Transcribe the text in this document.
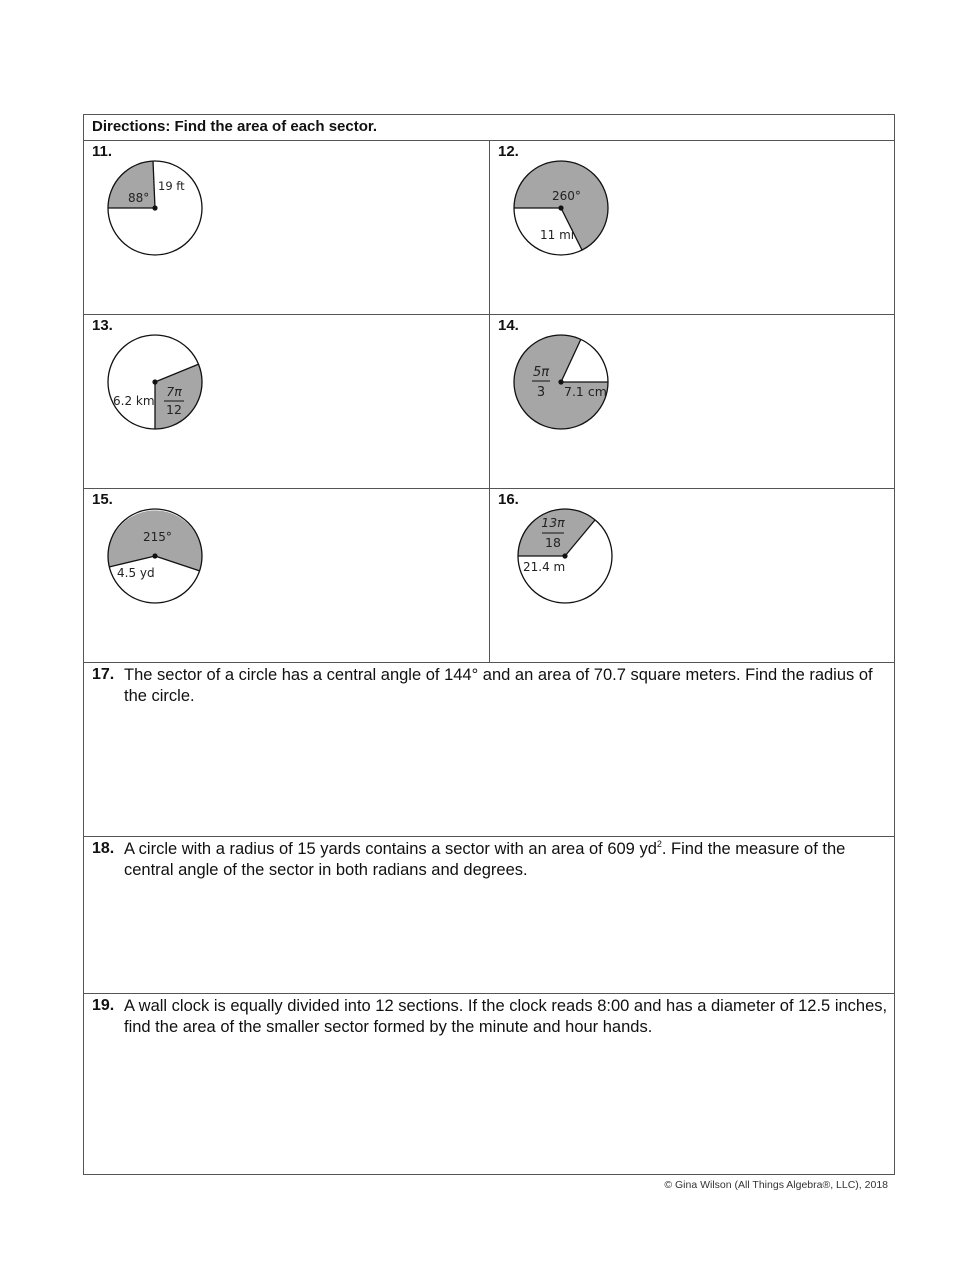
Directions: Find the area of each sector.
11.
88°
19 ft
12.
260°
11 mi
13.
7π
12
6.2 km
14.
5π
3 7.1 cm
15.
215°
4.5 yd
16.
13π
18
21.4 m
17. The sector of a circle has a central angle of 144° and an area of 70.7 square meters. Find the radius of the circle.
18. A circle with a radius of 15 yards contains a sector with an area of 609 $yd^2$. Find the measure of the central angle of the sector in both radians and degrees.
19. A wall clock is equally divided into 12 sections. If the clock reads 8:00 and has a diameter of 12.5 inches, find the area of the smaller sector formed by the minute and hour hands.
© Gina Wilson (All Things Algebra®, LLC), 2018
